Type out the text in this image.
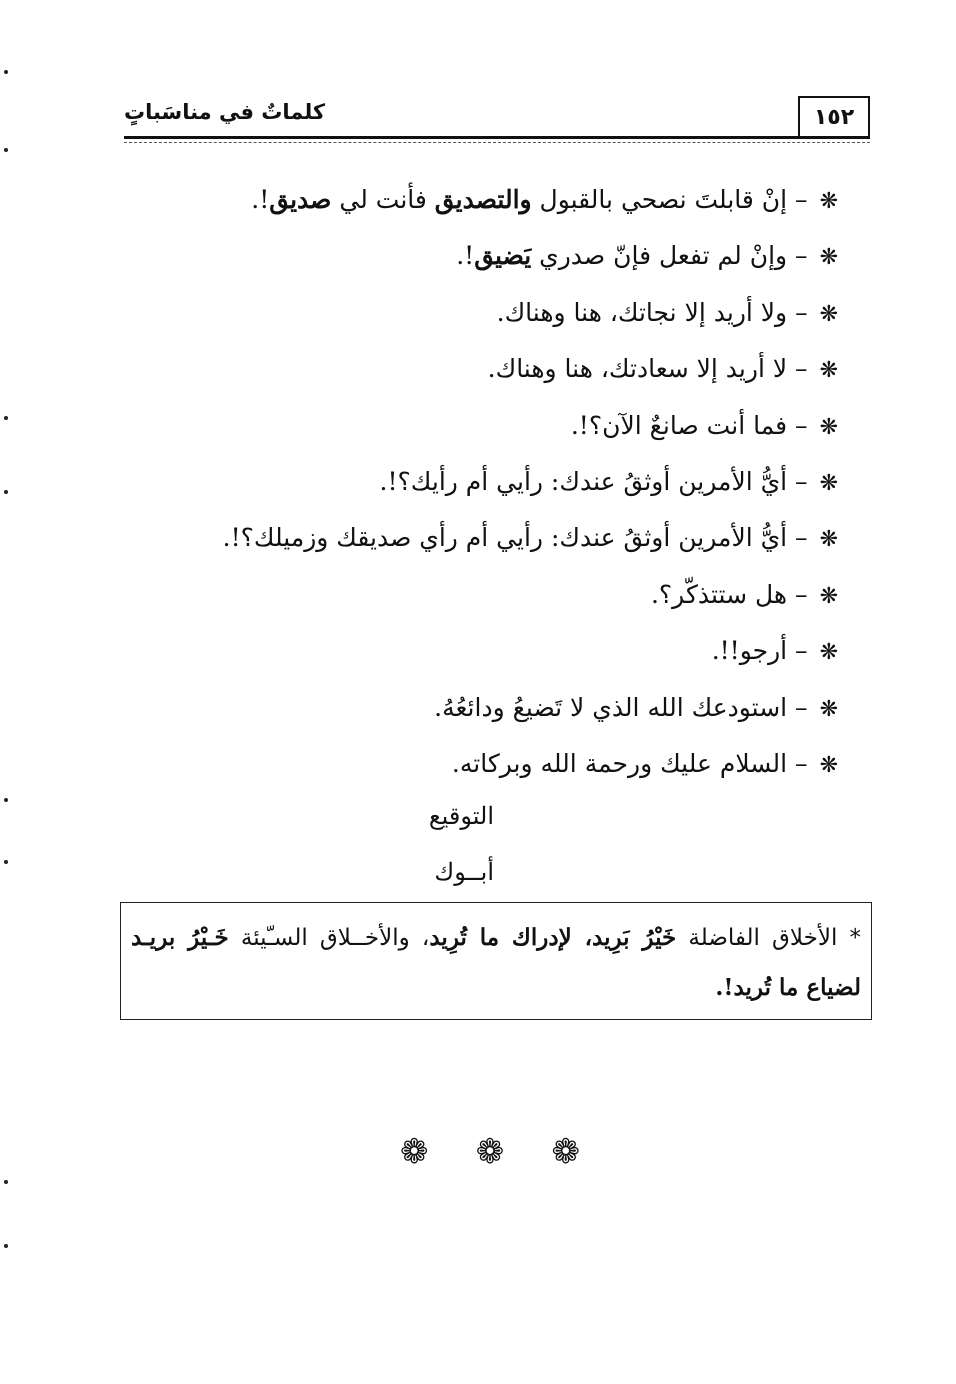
كلماتٌ في مناسَباتٍ	١٥٢
❋– إنْ قابلتَ نصحي بالقبول والتصديق فأنت لي صديق!.
❋– وإنْ لم تفعل فإنّ صدري يَضيق!.
❋– ولا أريد إلا نجاتك، هنا وهناك.
❋– لا أريد إلا سعادتك، هنا وهناك.
❋– فما أنت صانعٌ الآن؟!.
❋– أيُّ الأمرين أوثقُ عندك: رأيي أم رأيك؟!.
❋– أيُّ الأمرين أوثقُ عندك: رأيي أم رأي صديقك وزميلك؟!.
❋– هل ستتذكّر؟.
❋– أرجو!!.
❋– استودعك الله الذي لا تَضيعُ ودائعُهُ.
❋– السلام عليك ورحمة الله وبركاته.
التوقيع
أبــوك
* الأخلاق الفاضلة خَيْرُ بَرِيد، لإدراك ما تُرِيد، والأخــلاق السـّيئة خَـيْرُ بريـد لضياع ما تُريد!.
❁ ❁ ❁
